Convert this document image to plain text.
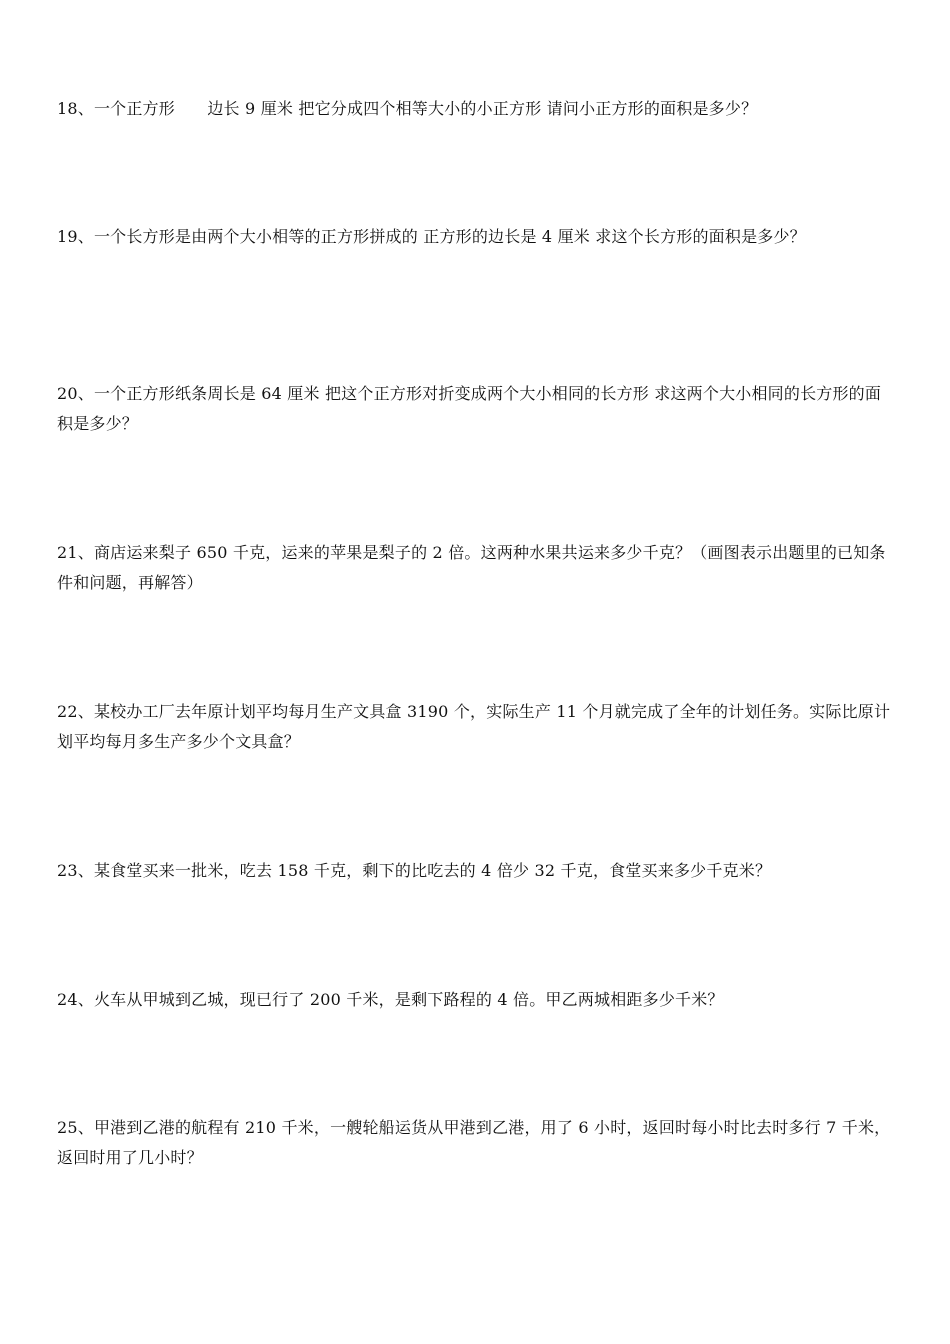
18、一个正方形　　边长 9 厘米 把它分成四个相等大小的小正方形 请问小正方形的面积是多少？
19、一个长方形是由两个大小相等的正方形拼成的 正方形的边长是 4 厘米 求这个长方形的面积是多少？
20、一个正方形纸条周长是 64 厘米 把这个正方形对折变成两个大小相同的长方形 求这两个大小相同的长方形的面积是多少？
21、商店运来梨子 650 千克，运来的苹果是梨子的 2 倍。这两种水果共运来多少千克？（画图表示出题里的已知条件和问题，再解答）
22、某校办工厂去年原计划平均每月生产文具盒 3190 个，实际生产 11 个月就完成了全年的计划任务。实际比原计划平均每月多生产多少个文具盒？
23、某食堂买来一批米，吃去 158 千克，剩下的比吃去的 4 倍少 32 千克，食堂买来多少千克米？
24、火车从甲城到乙城，现已行了 200 千米，是剩下路程的 4 倍。甲乙两城相距多少千米？
25、甲港到乙港的航程有 210 千米，一艘轮船运货从甲港到乙港，用了 6 小时，返回时每小时比去时多行 7 千米，返回时用了几小时？
